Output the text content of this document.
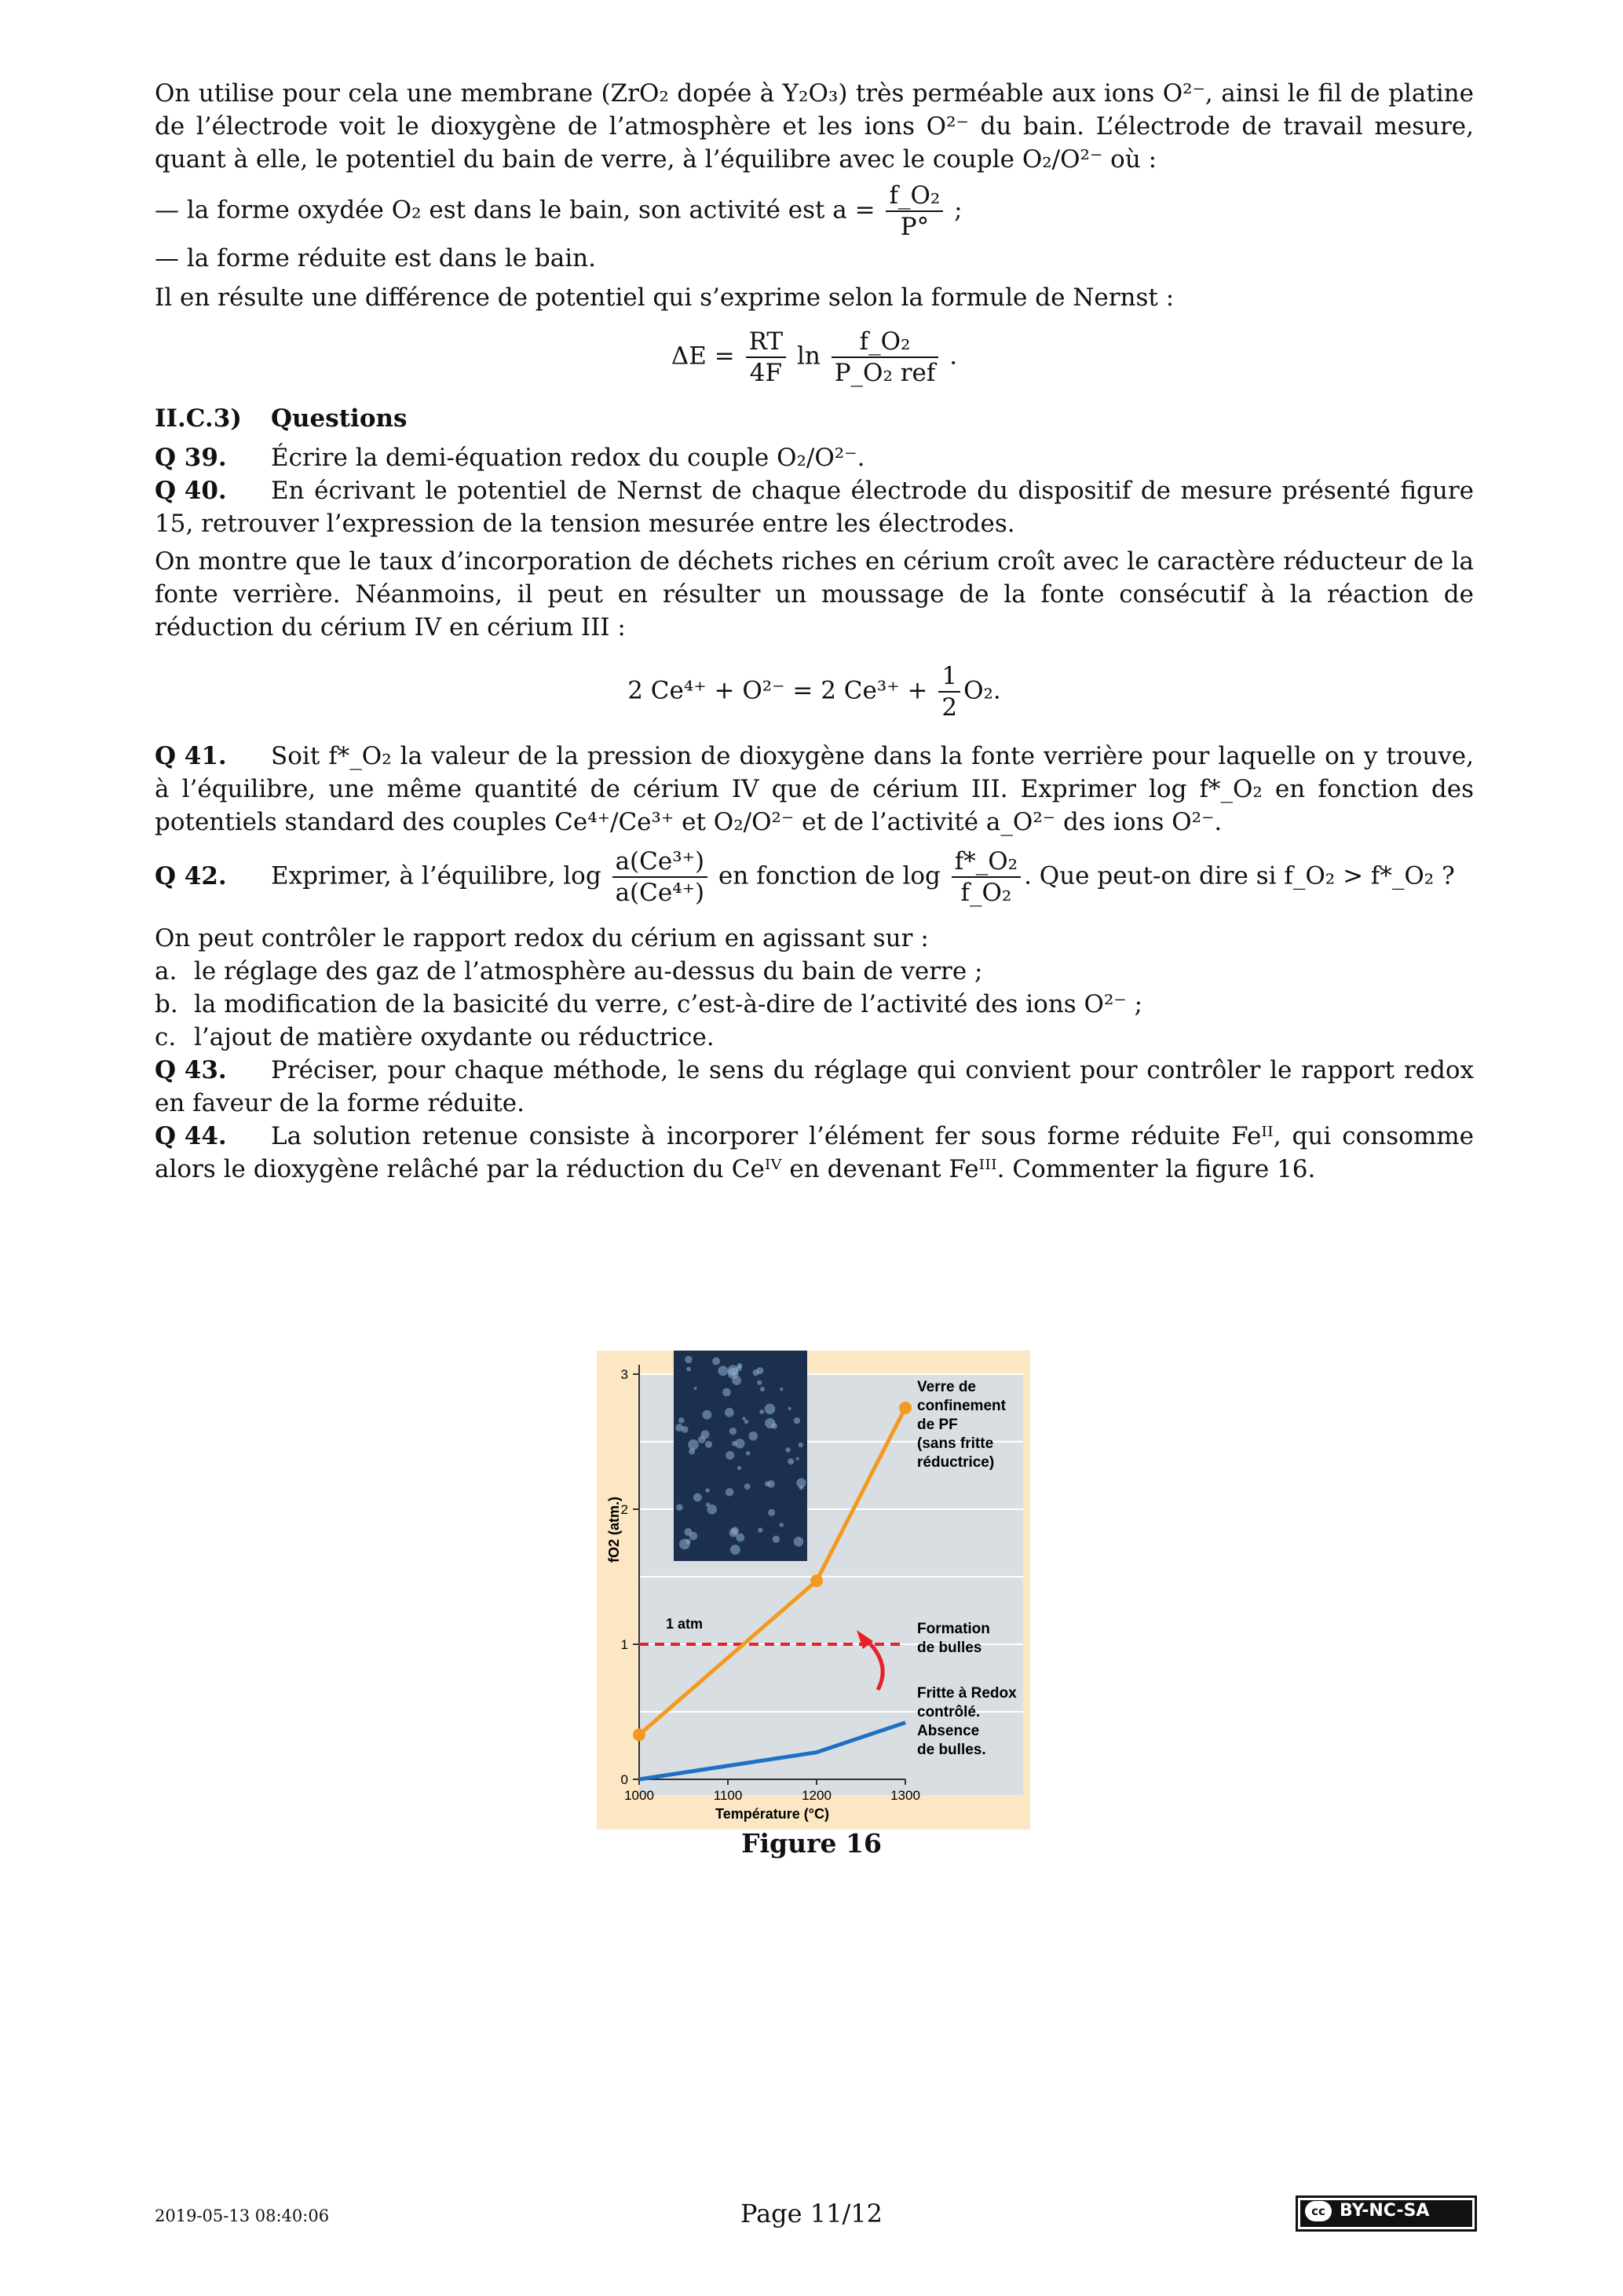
On utilise pour cela une membrane (ZrO₂ dopée à Y₂O₃) très perméable aux ions O²⁻, ainsi le fil de platine de l’électrode voit le dioxygène de l’atmosphère et les ions O²⁻ du bain. L’électrode de travail mesure, quant à elle, le potentiel du bain de verre, à l’équilibre avec le couple O₂/O²⁻ où :

— la forme oxydée O₂ est dans le bain, son activité est $a = \frac{\text{f\_O₂}}{P^\circ}$ ;

— la forme réduite est dans le bain.

Il en résulte une différence de potentiel qui s’exprime selon la formule de Nernst :

$\Delta E = \frac{RT}{4F}$ $\ln \frac{\text{f\_O₂}}{\text{P\_O₂ ref}}$ .
II.C.3) Questions

Q 39. Écrire la demi-équation redox du couple O₂/O²⁻.

Q 40. En écrivant le potentiel de Nernst de chaque électrode du dispositif de mesure présenté figure 15, retrouver l’expression de la tension mesurée entre les électrodes.

On montre que le taux d’incorporation de déchets riches en cérium croît avec le caractère réducteur de la fonte verrière. Néanmoins, il peut en résulter un moussage de la fonte consécutif à la réaction de réduction du cérium IV en cérium III :

2 Ce⁴⁺ + O²⁻ = 2 $Ce^{3+} + \frac{1}{2} O_2$.

Q 41. Soit f*_O₂ la valeur de la pression de dioxygène dans la fonte verrière pour laquelle on y trouve, à l’équilibre, une même quantité de cérium IV que de cérium III. Exprimer log f*_O₂ en fonction des potentiels standard des couples Ce⁴⁺/Ce³⁺ et O₂/O²⁻ et de l’activité a_O²⁻ des ions O²⁻.

Q 42. Exprimer, à l’équilibre, $\log \frac{\text{a(Ce³⁺)}}{\text{a(Ce⁴⁺)}}$ en fonction de $\log \frac{\text{f*\_O₂}}{\text{f\_O₂}}$ . Que peut-on dire si f_O₂ > f*_O₂ ?

On peut contrôler le rapport redox du cérium en agissant sur :

a. le réglage des gaz de l’atmosphère au-dessus du bain de verre ;

b. la modification de la basicité du verre, c’est-à-dire de l’activité des ions O²⁻ ;

c. l’ajout de matière oxydante ou réductrice.

Q 43. Préciser, pour chaque méthode, le sens du réglage qui convient pour contrôler le rapport redox en faveur de la forme réduite.

Q 44. La solution retenue consiste à incorporer l’élément fer sous forme réduite Feᴵᴵ, qui consomme alors le dioxygène relâché par la réduction du Ceᴵⱽ en devenant Feᴵᴵᴵ. Commenter la figure 16.

0
1
2
3
1000	1100	1200	1300
Température (°C)
fO2 (atm.)
1 atm
Verre de
confinement
de PF
(sans fritte
réductrice)
Formation
de bulles
Fritte à Redox
contrôlé.
Absence
de bulles.
Figure 16
2019-05-13 08:40:06	Page 11/12	cc BY-NC-SA
